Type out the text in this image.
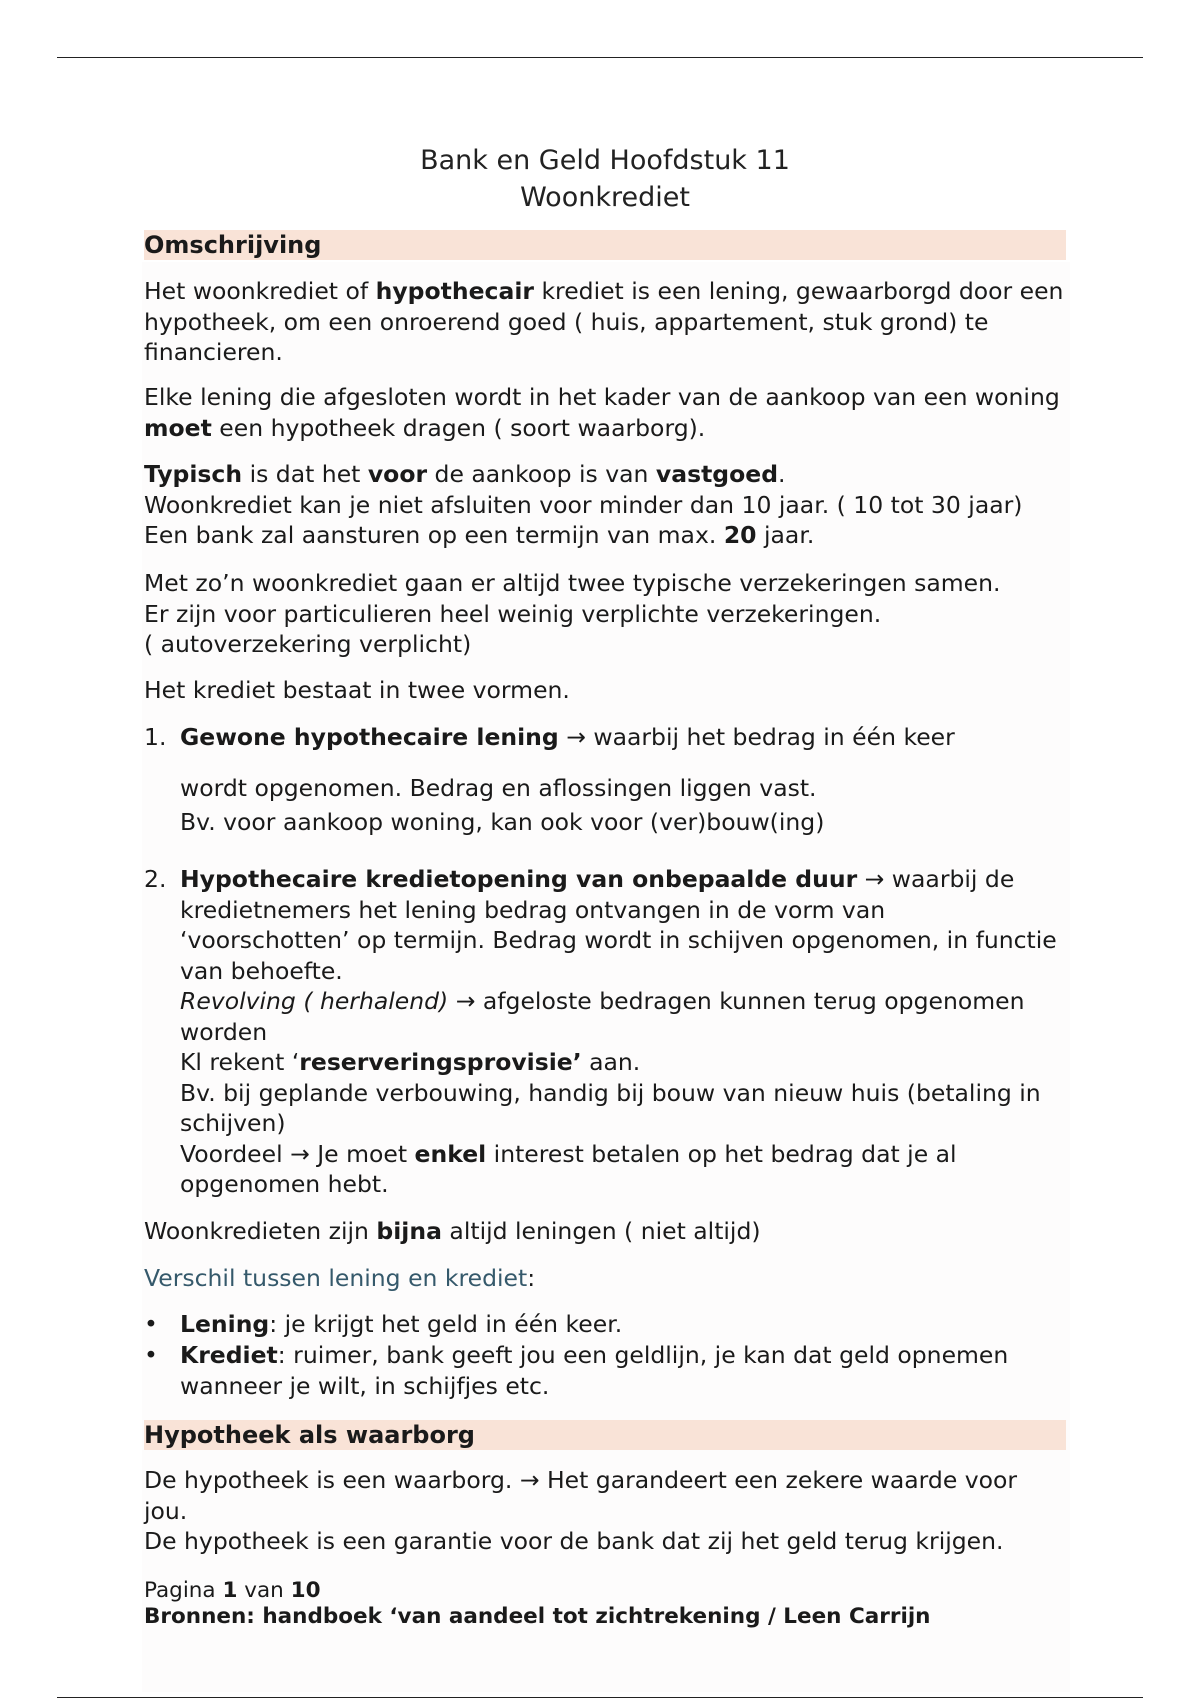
Bank en Geld Hoofdstuk 11
Woonkrediet
Omschrijving

Het woonkrediet of hypothecair krediet is een lening, gewaarborgd door een hypotheek, om een onroerend goed ( huis, appartement, stuk grond) te financieren.

Elke lening die afgesloten wordt in het kader van de aankoop van een woning moet een hypotheek dragen ( soort waarborg).

Typisch is dat het voor de aankoop is van vastgoed.
Woonkrediet kan je niet afsluiten voor minder dan 10 jaar. ( 10 tot 30 jaar)
Een bank zal aansturen op een termijn van max. 20 jaar.

Met zo’n woonkrediet gaan er altijd twee typische verzekeringen samen.
Er zijn voor particulieren heel weinig verplichte verzekeringen.
( autoverzekering verplicht)

Het krediet bestaat in twee vormen.

1. Gewone hypothecaire lening → waarbij het bedrag in één keer
wordt opgenomen. Bedrag en aflossingen liggen vast.
Bv. voor aankoop woning, kan ook voor (ver)bouw(ing)
2. Hypothecaire kredietopening van onbepaalde duur → waarbij de kredietnemers het lening bedrag ontvangen in de vorm van ‘voorschotten’ op termijn. Bedrag wordt in schijven opgenomen, in functie van behoefte.
Revolving ( herhalend) → afgeloste bedragen kunnen terug opgenomen worden
Kl rekent ‘reserveringsprovisie’ aan.
Bv. bij geplande verbouwing, handig bij bouw van nieuw huis (betaling in schijven)
Voordeel → Je moet enkel interest betalen op het bedrag dat je al opgenomen hebt.

Woonkredieten zijn bijna altijd leningen ( niet altijd)

Verschil tussen lening en krediet:

• Lening: je krijgt het geld in één keer.
• Krediet: ruimer, bank geeft jou een geldlijn, je kan dat geld opnemen wanneer je wilt, in schijfjes etc.
Hypotheek als waarborg

De hypotheek is een waarborg. → Het garandeert een zekere waarde voor jou.
De hypotheek is een garantie voor de bank dat zij het geld terug krijgen.

Pagina 1 van 10
Bronnen: handboek ‘van aandeel tot zichtrekening / Leen Carrijn
